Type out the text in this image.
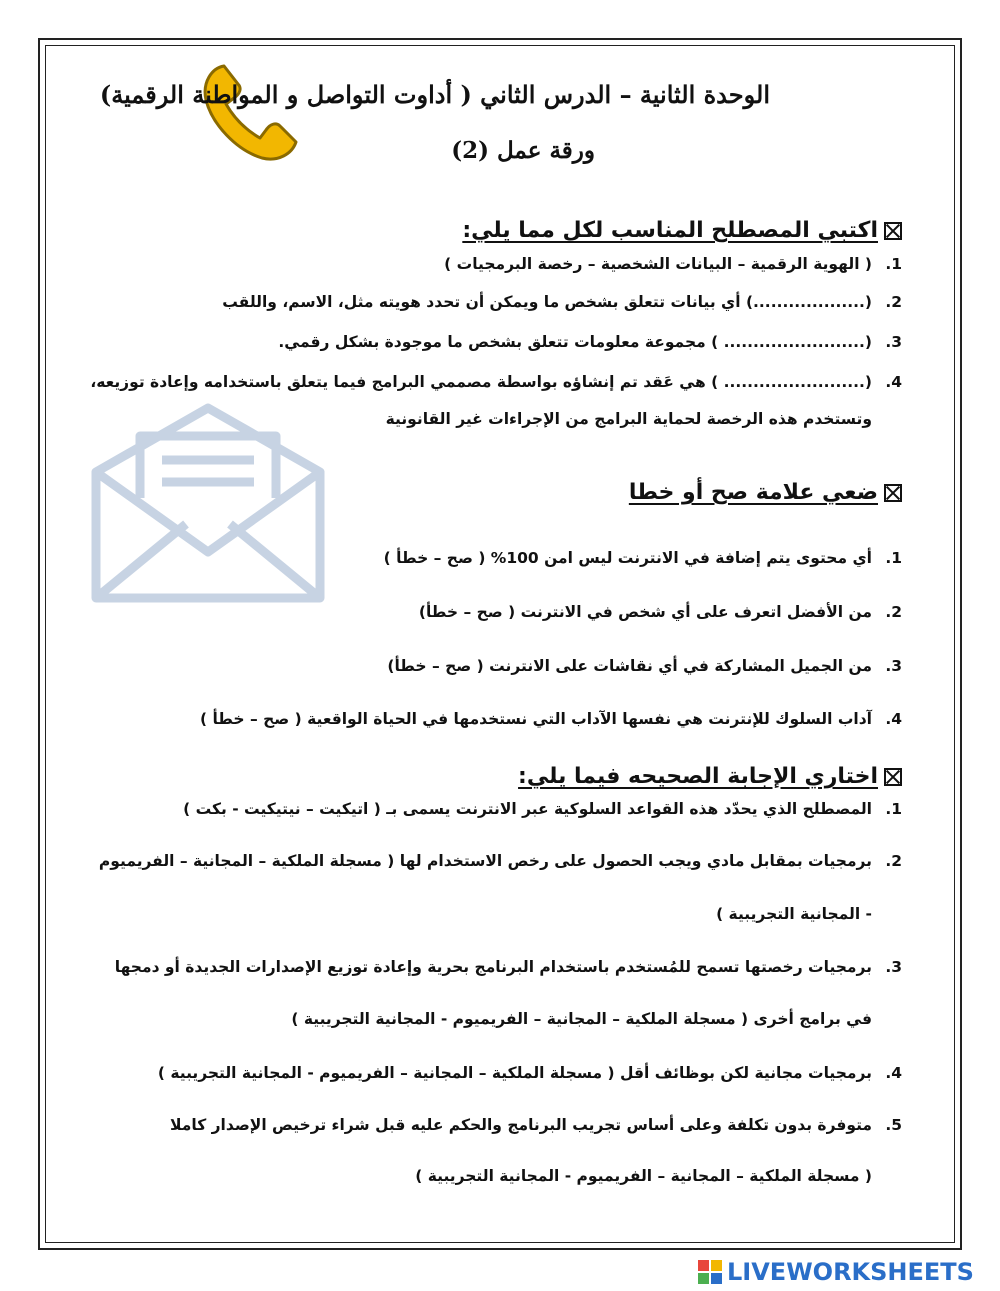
الوحدة الثانية – الدرس الثاني ( أداوت التواصل و المواطنة الرقمية)
ورقة عمل (2)
اكتبي المصطلح المناسب لكل مما يلي:
1.
( الهوية الرقمية – البيانات الشخصية – رخصة البرمجيات )
2.
(...................) أي بيانات تتعلق بشخص ما ويمكن أن تحدد هويته مثل، الاسم، واللقب
3.
(........................ ) مجموعة معلومات تتعلق بشخص ما موجودة بشكل رقمي.
4.
(........................ ) هي عَقد تم إنشاؤه بواسطة مصممي البرامج فيما يتعلق باستخدامه وإعادة توزيعه،
وتستخدم هذه الرخصة لحماية البرامج من الإجراءات غير القانونية
ضعي علامة صح أو خطا
1.
أي محتوى يتم إضافة في الانترنت ليس امن 100% ( صح – خطأ )
2.
من الأفضل اتعرف على أي شخص في الانترنت ( صح – خطأ)
3.
من الجميل المشاركة في أي نقاشات على الانترنت ( صح – خطأ)
4.
آداب السلوك للإنترنت هي نفسها الآداب التي نستخدمها في الحياة الواقعية ( صح – خطأ )
اختاري الإجابة الصحيحه فيما يلي:
1.
المصطلح الذي يحدّد هذه القواعد السلوكية عبر الانترنت يسمى بـ ( اتيكيت – نيتيكيت - بكت )
2.
برمجيات بمقابل مادي ويجب الحصول على رخص الاستخدام لها ( مسجلة الملكية – المجانية – الفريميوم
- المجانية التجريبية )
3.
برمجيات رخصتها تسمح للمُستخدم باستخدام البرنامج بحرية وإعادة توزيع الإصدارات الجديدة أو دمجها
في برامج أخرى ( مسجلة الملكية – المجانية – الفريميوم - المجانية التجريبية )
4.
برمجيات مجانية لكن بوظائف أقل ( مسجلة الملكية – المجانية – الفريميوم - المجانية التجريبية )
5.
متوفرة بدون تكلفة وعلى أساس تجريب البرنامج والحكم عليه قبل شراء ترخيص الإصدار كاملا
( مسجلة الملكية – المجانية – الفريميوم - المجانية التجريبية )
LIVEWORKSHEETS
